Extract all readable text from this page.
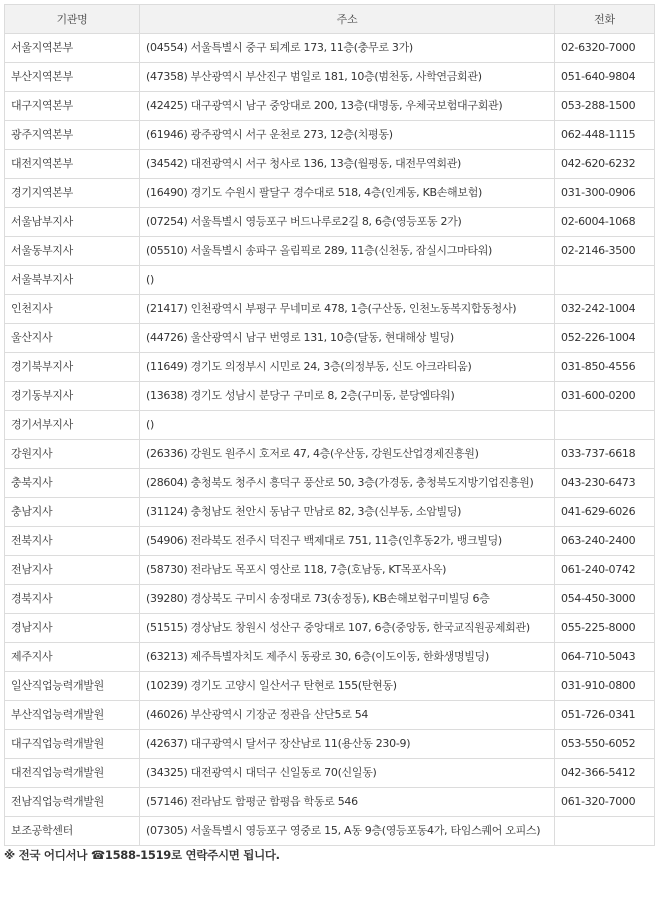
기관명	주소	전화
서울지역본부	(04554) 서울특별시 중구 퇴계로 173, 11층(충무로 3가)	02-6320-7000
부산지역본부	(47358) 부산광역시 부산진구 범일로 181, 10층(범천동, 사학연금회관)	051-640-9804
대구지역본부	(42425) 대구광역시 남구 중앙대로 200, 13층(대명동, 우체국보험대구회관)	053-288-1500
광주지역본부	(61946) 광주광역시 서구 운천로 273, 12층(치평동)	062-448-1115
대전지역본부	(34542) 대전광역시 서구 청사로 136, 13층(월평동, 대전무역회관)	042-620-6232
경기지역본부	(16490) 경기도 수원시 팔달구 경수대로 518, 4층(인계동, KB손해보험)	031-300-0906
서울남부지사	(07254) 서울특별시 영등포구 버드나루로2길 8, 6층(영등포동 2가)	02-6004-1068
서울동부지사	(05510) 서울특별시 송파구 올림픽로 289, 11층(신천동, 잠실시그마타워)	02-2146-3500
서울북부지사	()	
인천지사	(21417) 인천광역시 부평구 무네미로 478, 1층(구산동, 인천노동복지합동청사)	032-242-1004
울산지사	(44726) 울산광역시 남구 번영로 131, 10층(달동, 현대해상 빌딩)	052-226-1004
경기북부지사	(11649) 경기도 의정부시 시민로 24, 3층(의정부동, 신도 아크라티움)	031-850-4556
경기동부지사	(13638) 경기도 성남시 분당구 구미로 8, 2층(구미동, 분당엠타워)	031-600-0200
경기서부지사	()	
강원지사	(26336) 강원도 원주시 호저로 47, 4층(우산동, 강원도산업경제진흥원)	033-737-6618
충북지사	(28604) 충청북도 청주시 흥덕구 풍산로 50, 3층(가경동, 충청북도지방기업진흥원)	043-230-6473
충남지사	(31124) 충청남도 천안시 동남구 만남로 82, 3층(신부동, 소암빌딩)	041-629-6026
전북지사	(54906) 전라북도 전주시 덕진구 백제대로 751, 11층(인후동2가, 뱅크빌딩)	063-240-2400
전남지사	(58730) 전라남도 목포시 영산로 118, 7층(호남동, KT목포사옥)	061-240-0742
경북지사	(39280) 경상북도 구미시 송정대로 73(송정동), KB손해보험구미빌딩 6층	054-450-3000
경남지사	(51515) 경상남도 창원시 성산구 중앙대로 107, 6층(중앙동, 한국교직원공제회관)	055-225-8000
제주지사	(63213) 제주특별자치도 제주시 동광로 30, 6층(이도이동, 한화생명빌딩)	064-710-5043
일산직업능력개발원	(10239) 경기도 고양시 일산서구 탄현로 155(탄현동)	031-910-0800
부산직업능력개발원	(46026) 부산광역시 기장군 정관읍 산단5로 54	051-726-0341
대구직업능력개발원	(42637) 대구광역시 달서구 장산남로 11(용산동 230-9)	053-550-6052
대전직업능력개발원	(34325) 대전광역시 대덕구 신일동로 70(신일동)	042-366-5412
전남직업능력개발원	(57146) 전라남도 함평군 함평읍 학동로 546	061-320-7000
보조공학센터	(07305) 서울특별시 영등포구 영중로 15, A동 9층(영등포동4가, 타임스퀘어 오피스)	
※ 전국 어디서나 ☎1588-1519로 연락주시면 됩니다.
